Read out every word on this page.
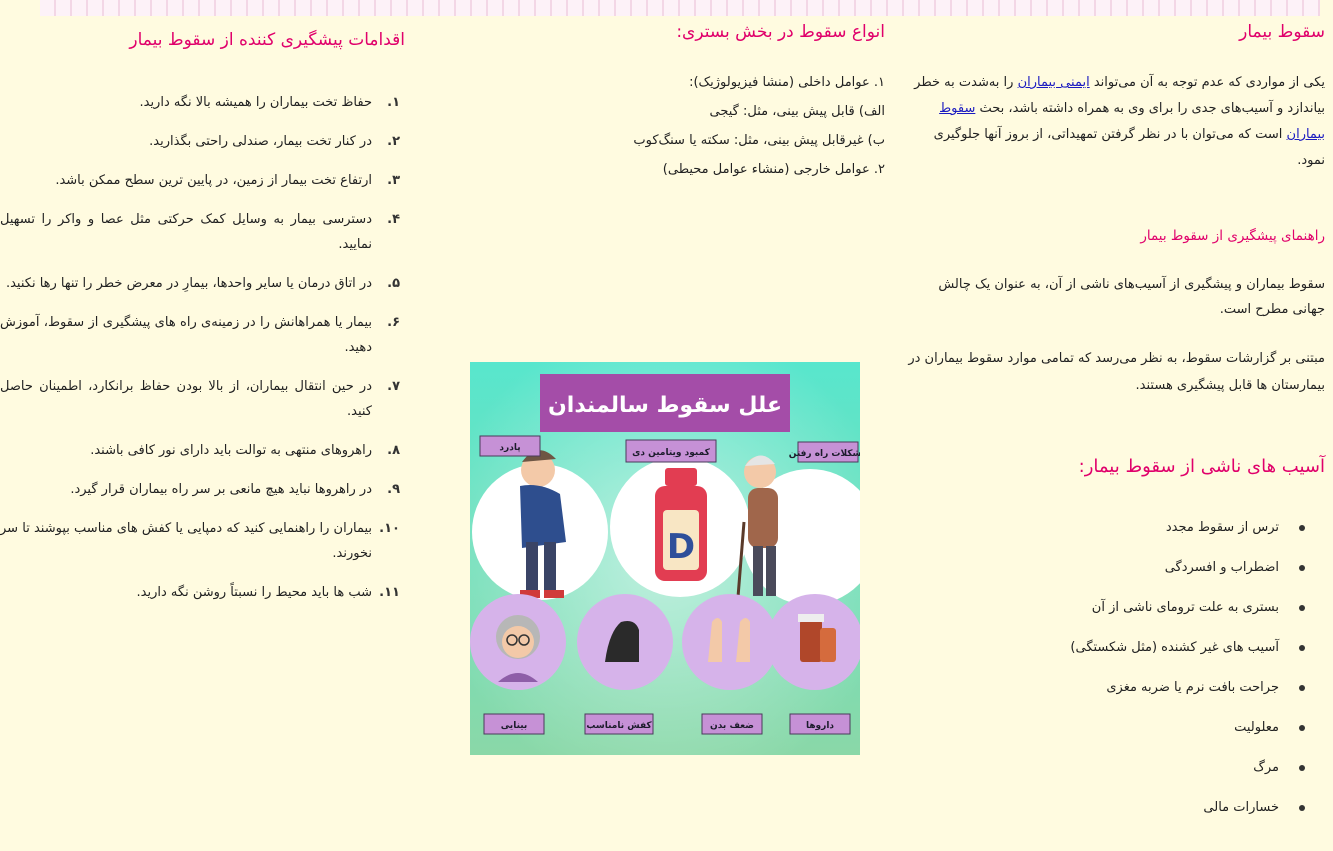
سقوط بیمار

یکی از مواردی که عدم توجه به آن می‌تواند ایمنی بیماران را به‌شدت به خطر بیاندازد و آسیب‌های جدی را برای وی به همراه داشته باشد، بحث سقوط بیماران است که می‌توان با در نظر گرفتن تمهیداتی، از بروز آنها جلوگیری نمود.

راهنمای پیشگیری از سقوط بیمار

سقوط بیماران و پیشگیری از آسیب‌های ناشی از آن، به عنوان یک چالش جهانی مطرح است.

مبتنی بر گزارشات سقوط، به نظر می‌رسد که تمامی موارد سقوط بیماران در بیمارستان ها قابل پیشگیری هستند.

آسیب های ناشی از سقوط بیمار:
ترس از سقوط مجدد
اضطراب و افسردگی
بستری به علت ترومای ناشی از آن
آسیب های غیر کشنده (مثل شکستگی)
جراحت بافت نرم یا ضربه مغزی
معلولیت
مرگ
خسارات مالی
انواع سقوط در بخش بستری:
۱. عوامل داخلی (منشا فیزیولوژیک):
الف) قابل پیش بینی، مثل: گیجی
ب) غیرقابل پیش بینی، مثل: سکته یا سنگ‌کوب
۲. عوامل خارجی (منشاء عوامل محیطی)
علل سقوط سالمندان
D
مشکلات راه رفتن
کمبود ویتامین دی
پادرد
داروها
ضعف بدن
کفش نامناسب
بینایی
اقدامات پیشگیری کننده از سقوط بیمار
۱.
حفاظ تخت بیماران را همیشه بالا نگه دارید.
۲.
در کنار تخت بیمار، صندلی راحتی بگذارید.
۳.
ارتفاع تخت بیمار از زمین، در پایین ترین سطح ممکن باشد.
۴.
دسترسی بیمار به وسایل کمک حرکتی مثل عصا و واکر را تسهیل نمایید.
۵.
در اتاق درمان یا سایر واحدها، بیمارِ در معرض خطر را تنها رها نکنید.
۶.
بیمار یا همراهانش را در زمینه‌ی راه های پیشگیری از سقوط، آموزش دهید.
۷.
در حین انتقال بیماران، از بالا بودن حفاظ برانکارد، اطمینان حاصل کنید.
۸.
راهروهای منتهی به توالت باید دارای نور کافی باشند.
۹.
در راهروها نباید هیچ مانعی بر سر راه بیماران قرار گیرد.
۱۰.
بیماران را راهنمایی کنید که دمپایی یا کفش های مناسب بپوشند تا سر نخورند.
۱۱.
شب ها باید محیط را نسبتاً روشن نگه دارید.
